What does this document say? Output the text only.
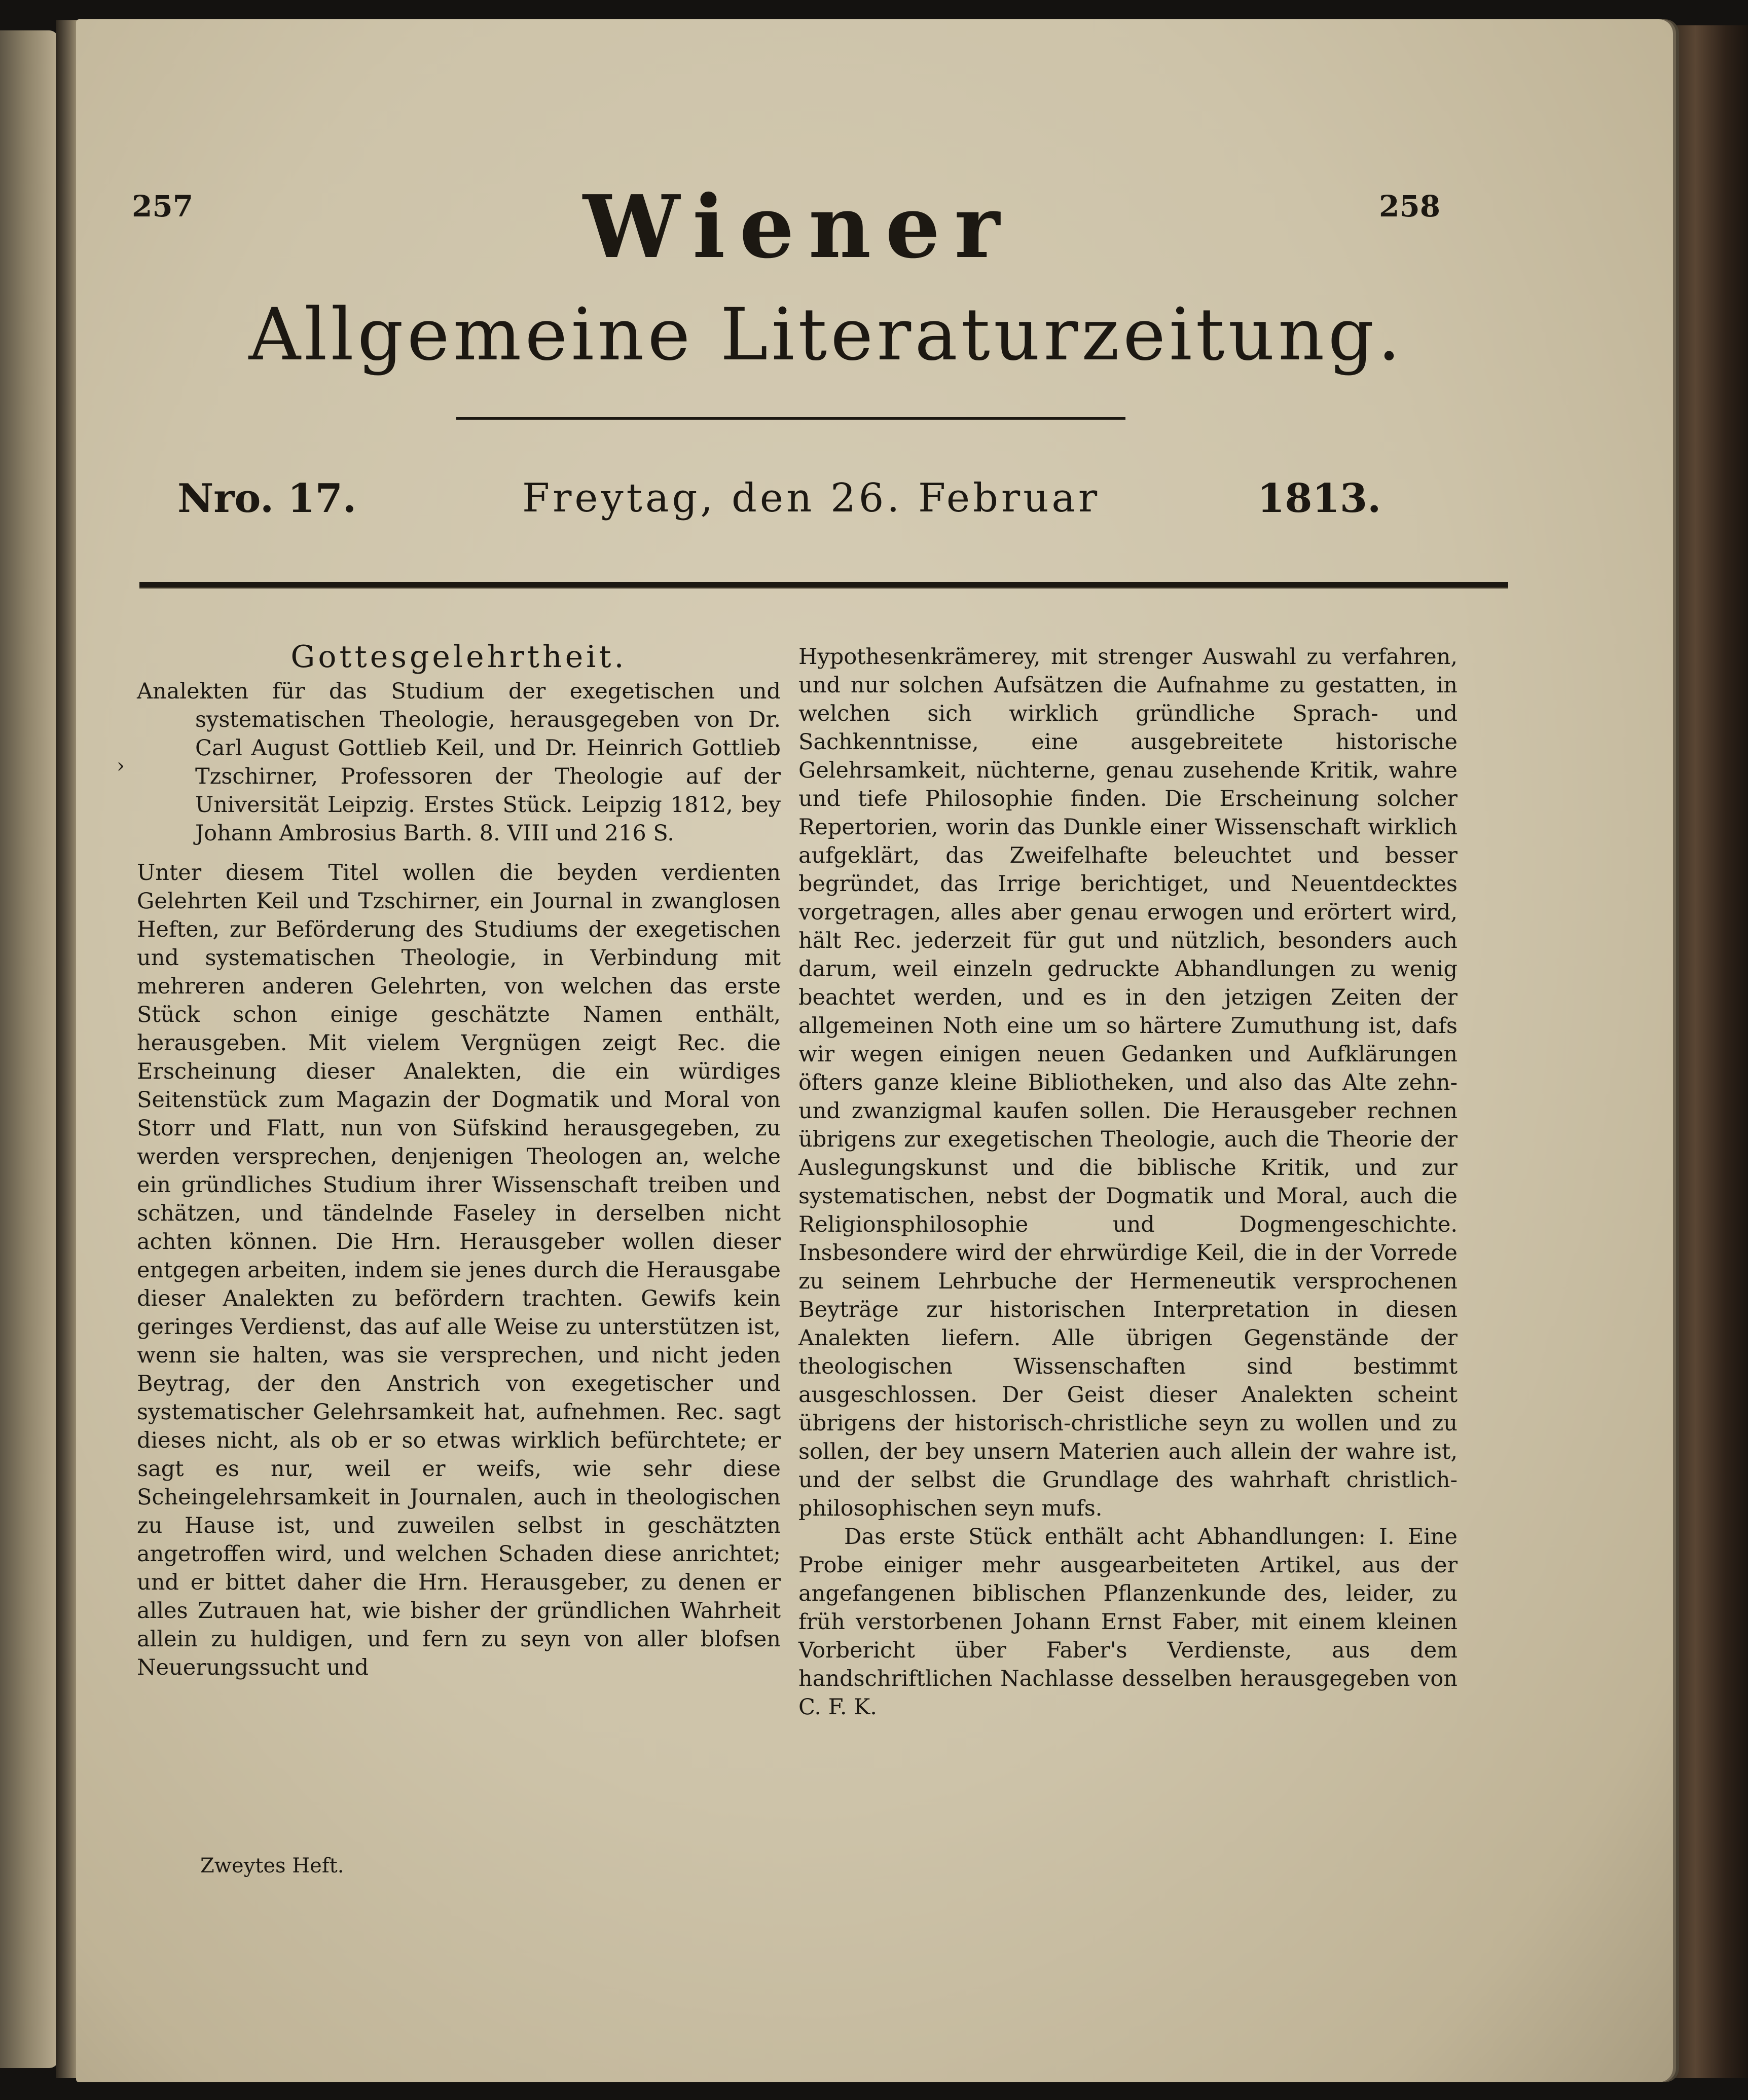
257	258
Wiener
Allgemeine Literaturzeitung.
Nro. 17.	Freytag, den 26. Februar	1813.
›
Gottesgelehrtheit.
Analekten für das Studium der exegetischen und systematischen Theologie, herausgegeben von Dr. Carl August Gottlieb Keil, und Dr. Heinrich Gottlieb Tzschirner, Professoren der Theologie auf der Universität Leipzig. Erstes Stück. Leipzig 1812, bey Johann Ambrosius Barth. 8. VIII und 216 S.
Unter diesem Titel wollen die beyden verdienten Gelehrten Keil und Tzschirner, ein Journal in zwanglosen Heften, zur Beförderung des Studiums der exegetischen und systematischen Theologie, in Verbindung mit mehreren anderen Gelehrten, von welchen das erste Stück schon einige geschätzte Namen enthält, herausgeben. Mit vielem Vergnügen zeigt Rec. die Erscheinung dieser Analekten, die ein würdiges Seitenstück zum Magazin der Dogmatik und Moral von Storr und Flatt, nun von Süfskind herausgegeben, zu werden versprechen, denjenigen Theologen an, welche ein gründliches Studium ihrer Wissenschaft treiben und schätzen, und tändelnde Faseley in derselben nicht achten können. Die Hrn. Herausgeber wollen dieser entgegen arbeiten, indem sie jenes durch die Herausgabe dieser Analekten zu befördern trachten. Gewifs kein geringes Verdienst, das auf alle Weise zu unterstützen ist, wenn sie halten, was sie versprechen, und nicht jeden Beytrag, der den Anstrich von exegetischer und systematischer Gelehrsamkeit hat, aufnehmen. Rec. sagt dieses nicht, als ob er so etwas wirklich befürchtete; er sagt es nur, weil er weifs, wie sehr diese Scheingelehrsamkeit in Journalen, auch in theologischen zu Hause ist, und zuweilen selbst in geschätzten angetroffen wird, und welchen Schaden diese anrichtet; und er bittet daher die Hrn. Herausgeber, zu denen er alles Zutrauen hat, wie bisher der gründlichen Wahrheit allein zu huldigen, und fern zu seyn von aller blofsen Neuerungssucht und

Hypothesenkrämerey, mit strenger Auswahl zu verfahren, und nur solchen Aufsätzen die Aufnahme zu gestatten, in welchen sich wirklich gründliche Sprach- und Sachkenntnisse, eine ausgebreitete historische Gelehrsamkeit, nüchterne, genau zusehende Kritik, wahre und tiefe Philosophie finden. Die Erscheinung solcher Repertorien, worin das Dunkle einer Wissenschaft wirklich aufgeklärt, das Zweifelhafte beleuchtet und besser begründet, das Irrige berichtiget, und Neuentdecktes vorgetragen, alles aber genau erwogen und erörtert wird, hält Rec. jederzeit für gut und nützlich, besonders auch darum, weil einzeln gedruckte Abhandlungen zu wenig beachtet werden, und es in den jetzigen Zeiten der allgemeinen Noth eine um so härtere Zumuthung ist, dafs wir wegen einigen neuen Gedanken und Aufklärungen öfters ganze kleine Bibliotheken, und also das Alte zehn- und zwanzigmal kaufen sollen. Die Herausgeber rechnen übrigens zur exegetischen Theologie, auch die Theorie der Auslegungskunst und die biblische Kritik, und zur systematischen, nebst der Dogmatik und Moral, auch die Religionsphilosophie und Dogmengeschichte. Insbesondere wird der ehrwürdige Keil, die in der Vorrede zu seinem Lehrbuche der Hermeneutik versprochenen Beyträge zur historischen Interpretation in diesen Analekten liefern. Alle übrigen Gegenstände der theologischen Wissenschaften sind bestimmt ausgeschlossen. Der Geist dieser Analekten scheint übrigens der historisch-christliche seyn zu wollen und zu sollen, der bey unsern Materien auch allein der wahre ist, und der selbst die Grundlage des wahrhaft christlich-philosophischen seyn mufs.

Das erste Stück enthält acht Abhandlungen: I. Eine Probe einiger mehr ausgearbeiteten Artikel, aus der angefangenen biblischen Pflanzenkunde des, leider, zu früh verstorbenen Johann Ernst Faber, mit einem kleinen Vorbericht über Faber's Verdienste, aus dem handschriftlichen Nachlasse desselben herausgegeben von C. F. K.

Zweytes Heft.
